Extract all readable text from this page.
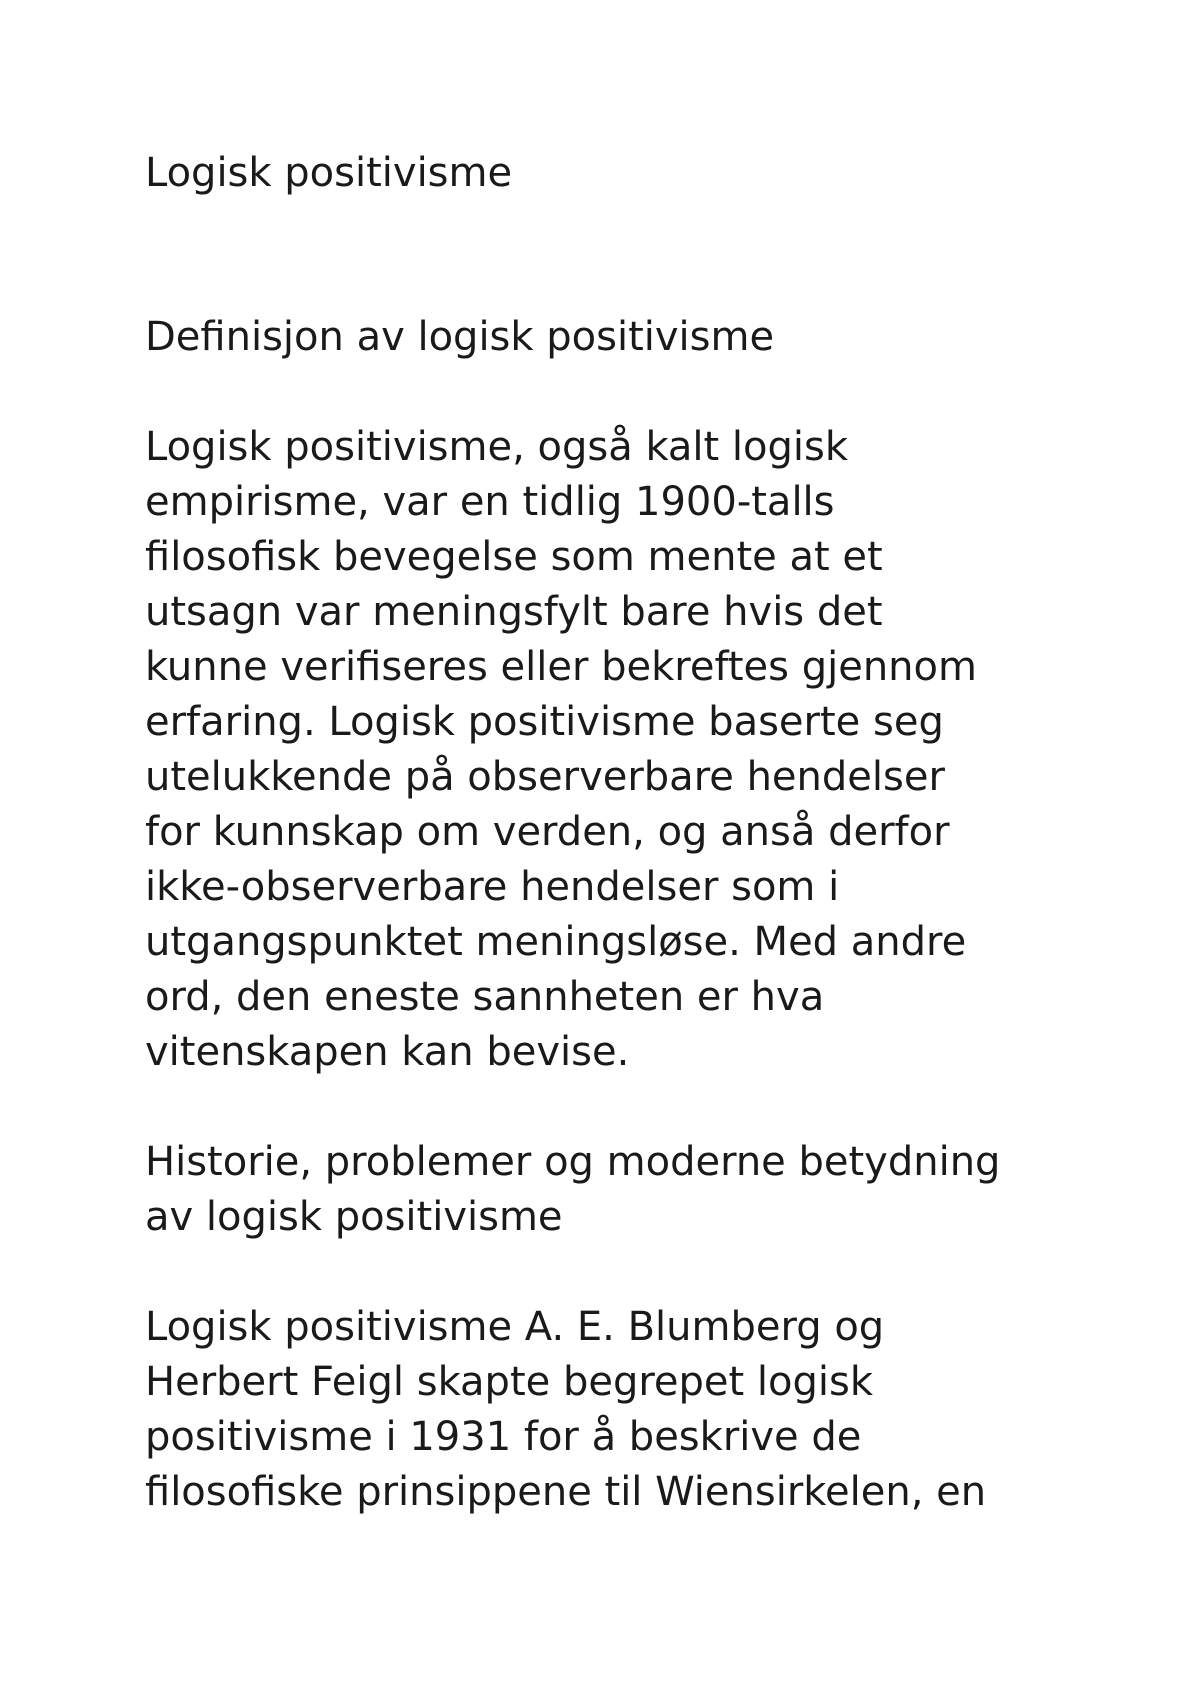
Logisk positivisme

Definisjon av logisk positivisme

Logisk positivisme, også kalt logisk
empirisme, var en tidlig 1900-talls
filosofisk bevegelse som mente at et
utsagn var meningsfylt bare hvis det
kunne verifiseres eller bekreftes gjennom
erfaring. Logisk positivisme baserte seg
utelukkende på observerbare hendelser
for kunnskap om verden, og anså derfor
ikke-observerbare hendelser som i
utgangspunktet meningsløse. Med andre
ord, den eneste sannheten er hva
vitenskapen kan bevise.

Historie, problemer og moderne betydning
av logisk positivisme

Logisk positivisme A. E. Blumberg og
Herbert Feigl skapte begrepet logisk
positivisme i 1931 for å beskrive de
filosofiske prinsippene til Wiensirkelen, en
